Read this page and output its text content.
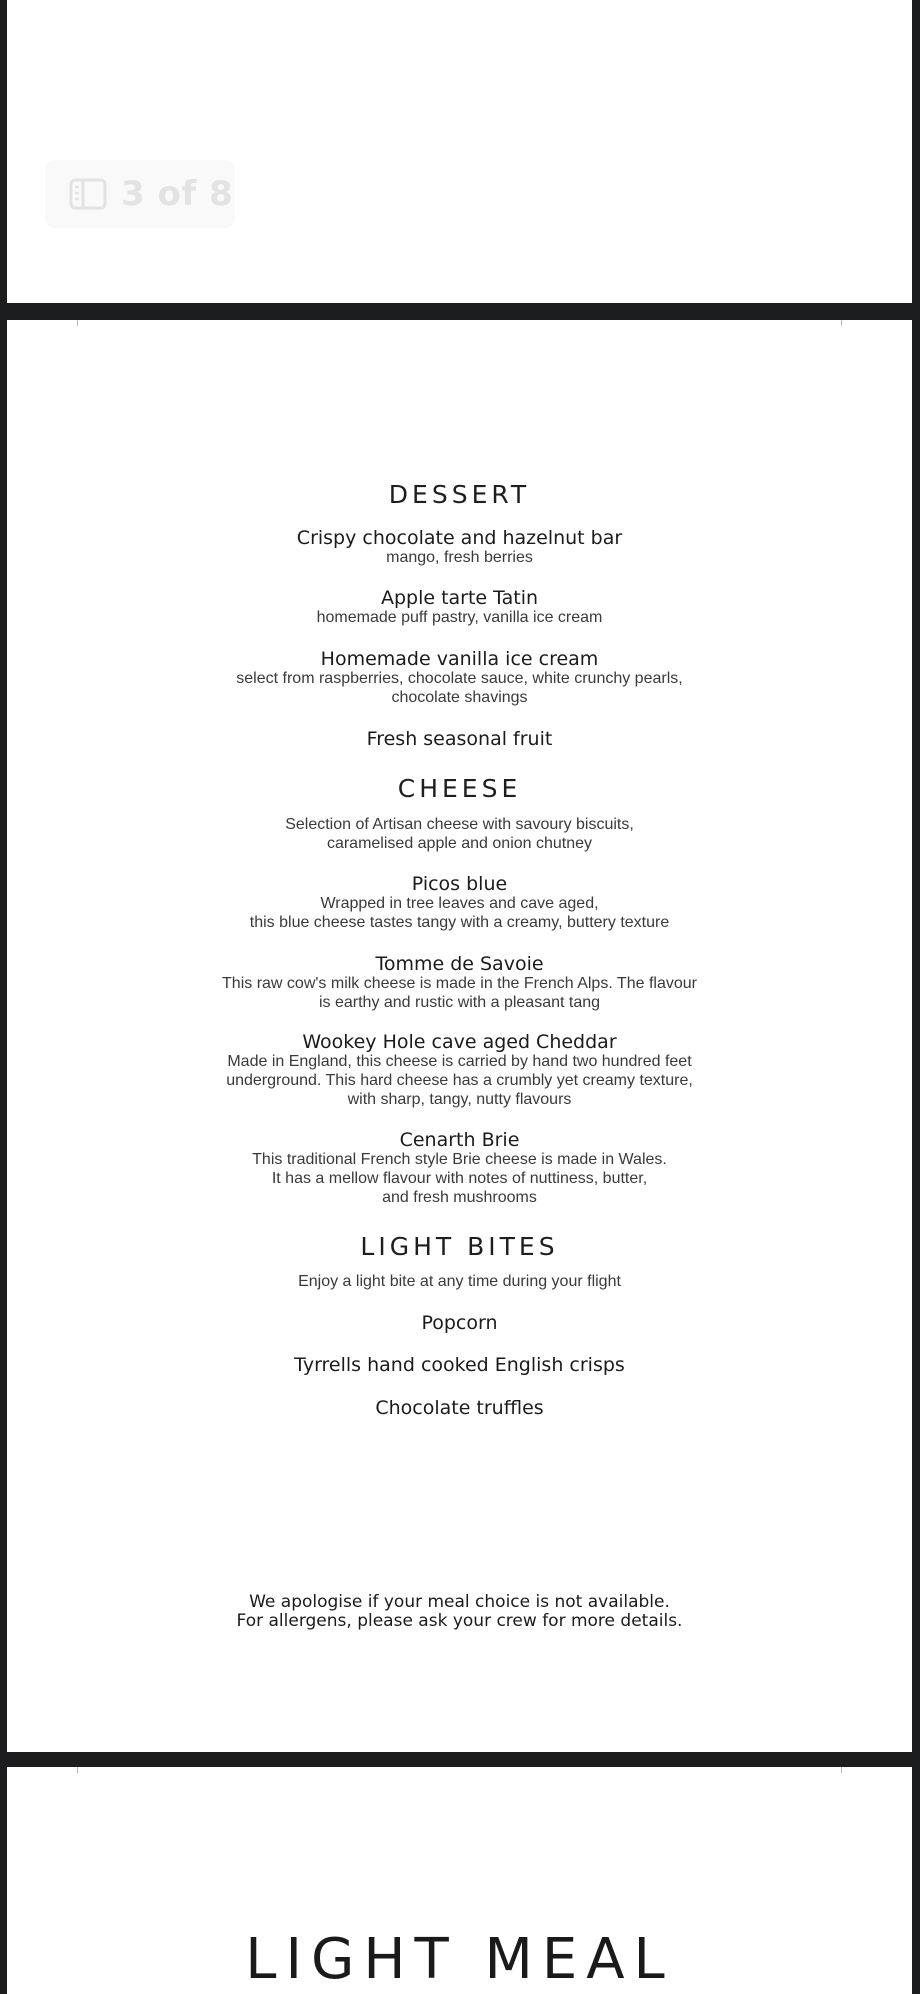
3 of 8
DESSERT
Crispy chocolate and hazelnut bar
mango, fresh berries
Apple tarte Tatin
homemade puff pastry, vanilla ice cream
Homemade vanilla ice cream
select from raspberries, chocolate sauce, white crunchy pearls,
chocolate shavings
Fresh seasonal fruit
CHEESE
Selection of Artisan cheese with savoury biscuits,
caramelised apple and onion chutney
Picos blue
Wrapped in tree leaves and cave aged,
this blue cheese tastes tangy with a creamy, buttery texture
Tomme de Savoie
This raw cow's milk cheese is made in the French Alps. The flavour
is earthy and rustic with a pleasant tang
Wookey Hole cave aged Cheddar
Made in England, this cheese is carried by hand two hundred feet
underground. This hard cheese has a crumbly yet creamy texture,
with sharp, tangy, nutty flavours
Cenarth Brie
This traditional French style Brie cheese is made in Wales.
It has a mellow flavour with notes of nuttiness, butter,
and fresh mushrooms
LIGHT BITES
Enjoy a light bite at any time during your flight
Popcorn
Tyrrells hand cooked English crisps
Chocolate truffles
We apologise if your meal choice is not available.
For allergens, please ask your crew for more details.
LIGHT MEAL
